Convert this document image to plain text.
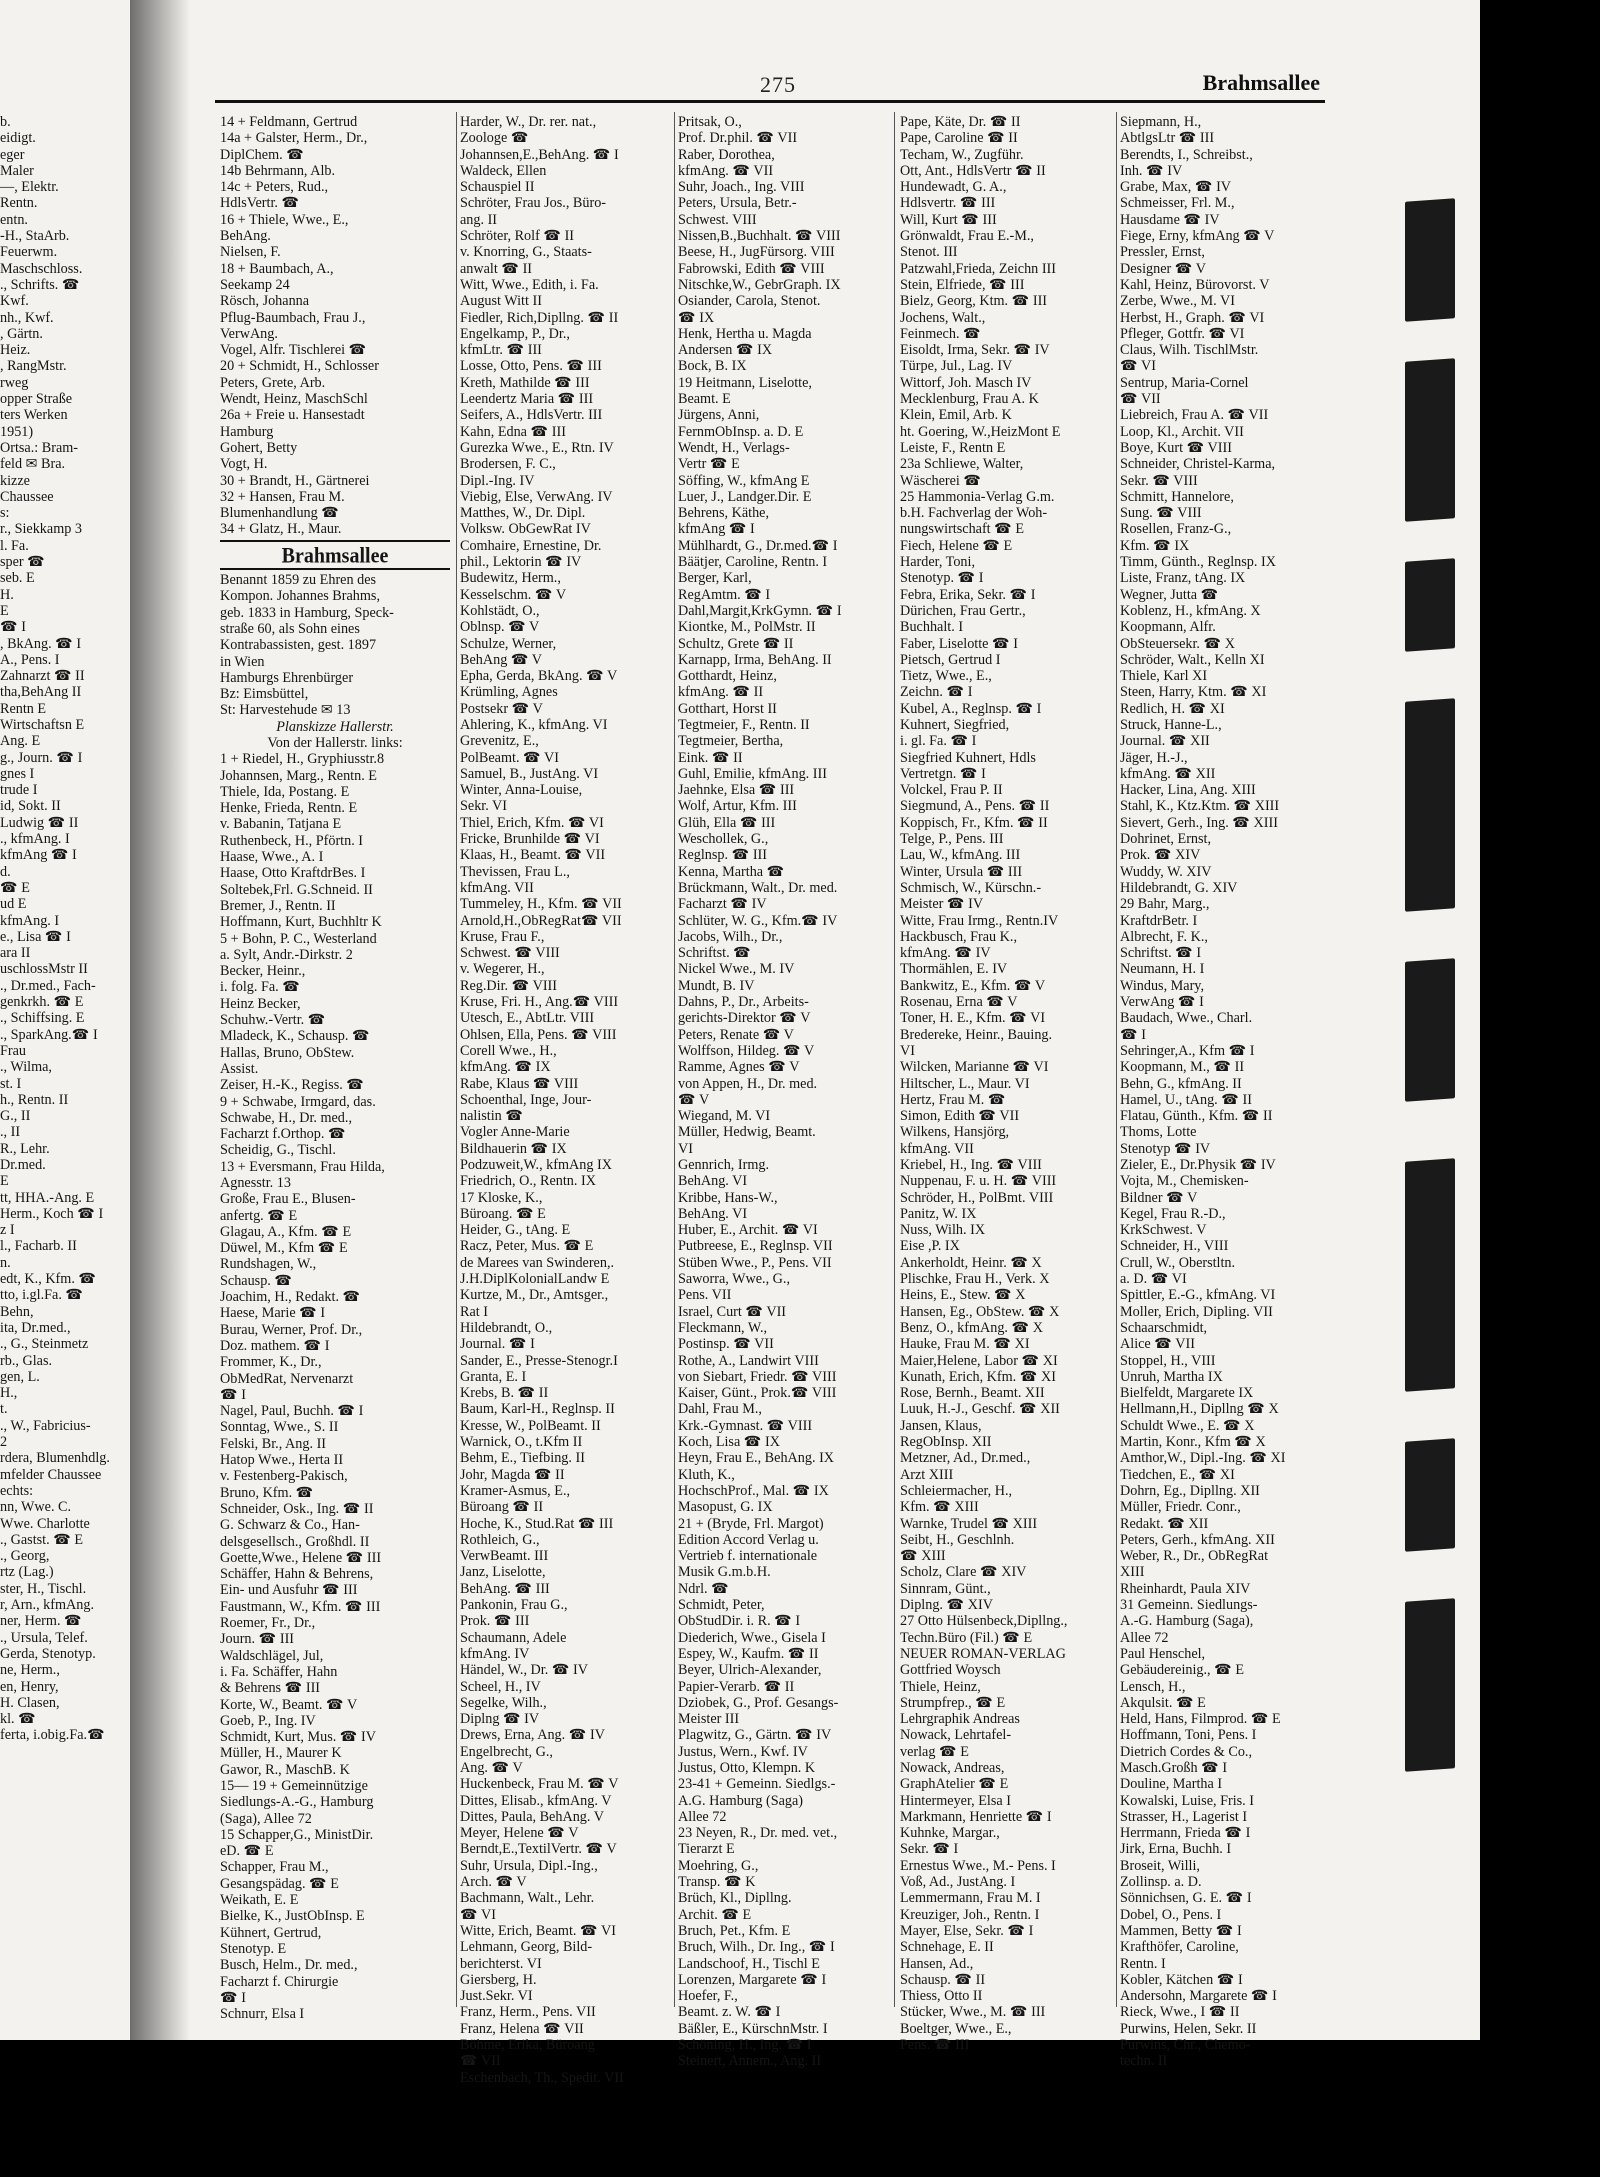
275	Brahmsallee
b.
eidigt.
eger
Maler
—, Elektr.
Rentn.
entn.
-H., StaArb.
Feuerwm.
Maschschloss.
., Schrifts. ☎
Kwf.
nh., Kwf.
, Gärtn.
Heiz.
, RangMstr.
rweg
opper Straße
ters Werken
1951)
Ortsa.: Bram-
feld ✉ Bra.
kizze
Chaussee
s:
r., Siekkamp 3
l. Fa.
sper ☎
seb. E
H.
E
☎ I
, BkAng. ☎ I
A., Pens. I
Zahnarzt ☎ II
tha,BehAng II
Rentn E
Wirtschaftsn E
Ang. E
g., Journ. ☎ I
gnes I
trude I
id, Sokt. II
Ludwig ☎ II
., kfmAng. I
kfmAng ☎ I
d.
☎ E
ud E
kfmAng. I
e., Lisa ☎ I
ara II
uschlossMstr II
., Dr.med., Fach-
genkrkh. ☎ E
., Schiffsing. E
., SparkAng.☎ I
Frau
., Wilma,
st. I
h., Rentn. II
G., II
., II
R., Lehr.
Dr.med.
E
tt, HHA.-Ang. E
Herm., Koch ☎ I
z I
l., Facharb. II
n.
edt, K., Kfm. ☎
tto, i.gl.Fa. ☎
Behn,
ita, Dr.med.,
., G., Steinmetz
rb., Glas.
gen, L.
H.,
t.
., W., Fabricius-
2
rdera, Blumenhdlg.
mfelder Chaussee
echts:
nn, Wwe. C.
Wwe. Charlotte
., Gastst. ☎ E
., Georg,
rtz (Lag.)
ster, H., Tischl.
r, Arn., kfmAng.
ner, Herm. ☎
., Ursula, Telef.
Gerda, Stenotyp.
ne, Herm.,
en, Henry,
H. Clasen,
kl. ☎
ferta, i.obig.Fa.☎
14 + Feldmann, Gertrud
14a + Galster, Herm., Dr.,
DiplChem. ☎
14b Behrmann, Alb.
14c + Peters, Rud.,
HdlsVertr. ☎
16 + Thiele, Wwe., E.,
BehAng.
Nielsen, F.
18 + Baumbach, A.,
Seekamp 24
Rösch, Johanna
Pflug-Baumbach, Frau J.,
VerwAng.
Vogel, Alfr. Tischlerei ☎
20 + Schmidt, H., Schlosser
Peters, Grete, Arb.
Wendt, Heinz, MaschSchl
26a + Freie u. Hansestadt
Hamburg
Gohert, Betty
Vogt, H.
30 + Brandt, H., Gärtnerei
32 + Hansen, Frau M.
Blumenhandlung ☎
34 + Glatz, H., Maur.
Brahmsallee
Benannt 1859 zu Ehren des
Kompon. Johannes Brahms,
geb. 1833 in Hamburg, Speck-
straße 60, als Sohn eines
Kontrabassisten, gest. 1897
in Wien
Hamburgs Ehrenbürger
Bz: Eimsbüttel,
St: Harvestehude ✉ 13
Planskizze Hallerstr.
Von der Hallerstr. links:
1 + Riedel, H., Gryphiusstr.8
Johannsen, Marg., Rentn. E
Thiele, Ida, Postang. E
Henke, Frieda, Rentn. E
v. Babanin, Tatjana E
Ruthenbeck, H., Pförtn. I
Haase, Wwe., A. I
Haase, Otto KraftdrBes. I
Soltebek,Frl. G.Schneid. II
Bremer, J., Rentn. II
Hoffmann, Kurt, Buchhltr K
5 + Bohn, P. C., Westerland
a. Sylt, Andr.-Dirkstr. 2
Becker, Heinr.,
i. folg. Fa. ☎
Heinz Becker,
Schuhw.-Vertr. ☎
Mladeck, K., Schausp. ☎
Hallas, Bruno, ObStew.
Assist.
Zeiser, H.-K., Regiss. ☎
9 + Schwabe, Irmgard, das.
Schwabe, H., Dr. med.,
Facharzt f.Orthop. ☎
Scheidig, G., Tischl.
13 + Eversmann, Frau Hilda,
Agnesstr. 13
Große, Frau E., Blusen-
anfertg. ☎ E
Glagau, A., Kfm. ☎ E
Düwel, M., Kfm ☎ E
Rundshagen, W.,
Schausp. ☎
Joachim, H., Redakt. ☎
Haese, Marie ☎ I
Burau, Werner, Prof. Dr.,
Doz. mathem. ☎ I
Frommer, K., Dr.,
ObMedRat, Nervenarzt
☎ I
Nagel, Paul, Buchh. ☎ I
Sonntag, Wwe., S. II
Felski, Br., Ang. II
Hatop Wwe., Herta II
v. Festenberg-Pakisch,
Bruno, Kfm. ☎
Schneider, Osk., Ing. ☎ II
G. Schwarz & Co., Han-
delsgesellsch., Großhdl. II
Goette,Wwe., Helene ☎ III
Schäffer, Hahn & Behrens,
Ein- und Ausfuhr ☎ III
Faustmann, W., Kfm. ☎ III
Roemer, Fr., Dr.,
Journ. ☎ III
Waldschlägel, Jul,
i. Fa. Schäffer, Hahn
& Behrens ☎ III
Korte, W., Beamt. ☎ V
Goeb, P., Ing. IV
Schmidt, Kurt, Mus. ☎ IV
Müller, H., Maurer K
Gawor, R., MaschB. K
15— 19 + Gemeinnützige
Siedlungs-A.-G., Hamburg
(Saga), Allee 72
15 Schapper,G., MinistDir.
eD. ☎ E
Schapper, Frau M.,
Gesangspädag. ☎ E
Weikath, E. E
Bielke, K., JustObInsp. E
Kühnert, Gertrud,
Stenotyp. E
Busch, Helm., Dr. med.,
Facharzt f. Chirurgie
☎ I
Schnurr, Elsa I
Harder, W., Dr. rer. nat.,
Zoologe ☎
Johannsen,E.,BehAng. ☎ I
Waldeck, Ellen
Schauspiel II
Schröter, Frau Jos., Büro-
ang. II
Schröter, Rolf ☎ II
v. Knorring, G., Staats-
anwalt ☎ II
Witt, Wwe., Edith, i. Fa.
August Witt II
Fiedler, Rich,Dipllng. ☎ II
Engelkamp, P., Dr.,
kfmLtr. ☎ III
Losse, Otto, Pens. ☎ III
Kreth, Mathilde ☎ III
Leendertz Maria ☎ III
Seifers, A., HdlsVertr. III
Kahn, Edna ☎ III
Gurezka Wwe., E., Rtn. IV
Brodersen, F. C.,
Dipl.-Ing. IV
Viebig, Else, VerwAng. IV
Matthes, W., Dr. Dipl.
Volksw. ObGewRat IV
Comhaire, Ernestine, Dr.
phil., Lektorin ☎ IV
Budewitz, Herm.,
Kesselschm. ☎ V
Kohlstädt, O.,
Oblnsp. ☎ V
Schulze, Werner,
BehAng ☎ V
Epha, Gerda, BkAng. ☎ V
Krümling, Agnes
Postsekr ☎ V
Ahlering, K., kfmAng. VI
Grevenitz, E.,
PolBeamt. ☎ VI
Samuel, B., JustAng. VI
Winter, Anna-Louise,
Sekr. VI
Thiel, Erich, Kfm. ☎ VI
Fricke, Brunhilde ☎ VI
Klaas, H., Beamt. ☎ VII
Thevissen, Frau L.,
kfmAng. VII
Tummeley, H., Kfm. ☎ VII
Arnold,H.,ObRegRat☎ VII
Kruse, Frau F.,
Schwest. ☎ VIII
v. Wegerer, H.,
Reg.Dir. ☎ VIII
Kruse, Fri. H., Ang.☎ VIII
Utesch, E., AbtLtr. VIII
Ohlsen, Ella, Pens. ☎ VIII
Corell Wwe., H.,
kfmAng. ☎ IX
Rabe, Klaus ☎ VIII
Schoenthal, Inge, Jour-
nalistin ☎
Vogler Anne-Marie
Bildhauerin ☎ IX
Podzuweit,W., kfmAng IX
Friedrich, O., Rentn. IX
17 Kloske, K.,
Büroang. ☎ E
Heider, G., tAng. E
Racz, Peter, Mus. ☎ E
de Marees van Swinderen,.
J.H.DiplKolonialLandw E
Kurtze, M., Dr., Amtsger.,
Rat I
Hildebrandt, O.,
Journal. ☎ I
Sander, E., Presse-Stenogr.I
Granta, E. I
Krebs, B. ☎ II
Baum, Karl-H., Reglnsp. II
Kresse, W., PolBeamt. II
Warnick, O., t.Kfm II
Behm, E., Tiefbing. II
Johr, Magda ☎ II
Kramer-Asmus, E.,
Büroang ☎ II
Hoche, K., Stud.Rat ☎ III
Rothleich, G.,
VerwBeamt. III
Janz, Liselotte,
BehAng. ☎ III
Pankonin, Frau G.,
Prok. ☎ III
Schaumann, Adele
kfmAng. IV
Händel, W., Dr. ☎ IV
Scheel, H., IV
Segelke, Wilh.,
Diplng ☎ IV
Drews, Erna, Ang. ☎ IV
Engelbrecht, G.,
Ang. ☎ V
Huckenbeck, Frau M. ☎ V
Dittes, Elisab., kfmAng. V
Dittes, Paula, BehAng. V
Meyer, Helene ☎ V
Berndt,E.,TextilVertr. ☎ V
Suhr, Ursula, Dipl.-Ing.,
Arch. ☎ V
Bachmann, Walt., Lehr.
☎ VI
Witte, Erich, Beamt. ☎ VI
Lehmann, Georg, Bild-
berichterst. VI
Giersberg, H.
Just.Sekr. VI
Franz, Herm., Pens. VII
Franz, Helena ☎ VII
Böhme, Erika, Büroang
☎ VII
Eschenbach, Th., Spedit. VII
Pritsak, O.,
Prof. Dr.phil. ☎ VII
Raber, Dorothea,
kfmAng. ☎ VII
Suhr, Joach., Ing. VIII
Peters, Ursula, Betr.-
Schwest. VIII
Nissen,B.,Buchhalt. ☎ VIII
Beese, H., JugFürsorg. VIII
Fabrowski, Edith ☎ VIII
Nitschke,W., GebrGraph. IX
Osiander, Carola, Stenot.
☎ IX
Henk, Hertha u. Magda
Andersen ☎ IX
Bock, B. IX
19 Heitmann, Liselotte,
Beamt. E
Jürgens, Anni,
FernmObInsp. a. D. E
Wendt, H., Verlags-
Vertr ☎ E
Söffing, W., kfmAng E
Luer, J., Landger.Dir. E
Behrens, Käthe,
kfmAng ☎ I
Mühlhardt, G., Dr.med.☎ I
Bäätjer, Caroline, Rentn. I
Berger, Karl,
RegAmtm. ☎ I
Dahl,Margit,KrkGymn. ☎ I
Kiontke, M., PolMstr. II
Schultz, Grete ☎ II
Karnapp, Irma, BehAng. II
Gotthardt, Heinz,
kfmAng. ☎ II
Gotthart, Horst II
Tegtmeier, F., Rentn. II
Tegtmeier, Bertha,
Eink. ☎ II
Guhl, Emilie, kfmAng. III
Jaehnke, Elsa ☎ III
Wolf, Artur, Kfm. III
Glüh, Ella ☎ III
Weschollek, G.,
Reglnsp. ☎ III
Kenna, Martha ☎
Brückmann, Walt., Dr. med.
Facharzt ☎ IV
Schlüter, W. G., Kfm.☎ IV
Jacobs, Wilh., Dr.,
Schriftst. ☎
Nickel Wwe., M. IV
Mundt, B. IV
Dahns, P., Dr., Arbeits-
gerichts-Direktor ☎ V
Peters, Renate ☎ V
Wolffson, Hildeg. ☎ V
Ramme, Agnes ☎ V
von Appen, H., Dr. med.
☎ V
Wiegand, M. VI
Müller, Hedwig, Beamt.
VI
Gennrich, Irmg.
BehAng. VI
Kribbe, Hans-W.,
BehAng. VI
Huber, E., Archit. ☎ VI
Putbreese, E., Reglnsp. VII
Stüben Wwe., P., Pens. VII
Saworra, Wwe., G.,
Pens. VII
Israel, Curt ☎ VII
Fleckmann, W.,
Postinsp. ☎ VII
Rothe, A., Landwirt VIII
von Siebart, Friedr. ☎ VIII
Kaiser, Günt., Prok.☎ VIII
Dahl, Frau M.,
Krk.-Gymnast. ☎ VIII
Koch, Lisa ☎ IX
Heyn, Frau E., BehAng. IX
Kluth, K.,
HochschProf., Mal. ☎ IX
Masopust, G. IX
21 + (Bryde, Frl. Margot)
Edition Accord Verlag u.
Vertrieb f. internationale
Musik G.m.b.H.
Ndrl. ☎
Schmidt, Peter,
ObStudDir. i. R. ☎ I
Diederich, Wwe., Gisela I
Espey, W., Kaufm. ☎ II
Beyer, Ulrich-Alexander,
Papier-Verarb. ☎ II
Dziobek, G., Prof. Gesangs-
Meister III
Plagwitz, G., Gärtn. ☎ IV
Justus, Wern., Kwf. IV
Justus, Otto, Klempn. K
23-41 + Gemeinn. Siedlgs.-
A.G. Hamburg (Saga)
Allee 72
23 Neyen, R., Dr. med. vet.,
Tierarzt E
Moehring, G.,
Transp. ☎ K
Brüch, Kl., Dipllng.
Archit. ☎ E
Bruch, Pet., Kfm. E
Bruch, Wilh., Dr. Ing., ☎ I
Landschoof, H., Tischl E
Lorenzen, Margarete ☎ I
Hoefer, F.,
Beamt. z. W. ☎ I
Bäßler, E., KürschnMstr. I
Schöning, H., Ing. ☎ I
Steinert, Annem., Ang. II
Pape, Käte, Dr. ☎ II
Pape, Caroline ☎ II
Techam, W., Zugführ.
Ott, Ant., HdlsVertr ☎ II
Hundewadt, G. A.,
Hdlsvertr. ☎ III
Will, Kurt ☎ III
Grönwaldt, Frau E.-M.,
Stenot. III
Patzwahl,Frieda, Zeichn III
Stein, Elfriede, ☎ III
Bielz, Georg, Ktm. ☎ III
Jochens, Walt.,
Feinmech. ☎
Eisoldt, Irma, Sekr. ☎ IV
Türpe, Jul., Lag. IV
Wittorf, Joh. Masch IV
Mecklenburg, Frau A. K
Klein, Emil, Arb. K
ht. Goering, W.,HeizMont E
Leiste, F., Rentn E
23a Schliewe, Walter,
Wäscherei ☎
25 Hammonia-Verlag G.m.
b.H. Fachverlag der Woh-
nungswirtschaft ☎ E
Fiech, Helene ☎ E
Harder, Toni,
Stenotyp. ☎ I
Febra, Erika, Sekr. ☎ I
Dürichen, Frau Gertr.,
Buchhalt. I
Faber, Liselotte ☎ I
Pietsch, Gertrud I
Tietz, Wwe., E.,
Zeichn. ☎ I
Kubel, A., Reglnsp. ☎ I
Kuhnert, Siegfried,
i. gl. Fa. ☎ I
Siegfried Kuhnert, Hdls
Vertretgn. ☎ I
Volckel, Frau P. II
Siegmund, A., Pens. ☎ II
Koppisch, Fr., Kfm. ☎ II
Telge, P., Pens. III
Lau, W., kfmAng. III
Winter, Ursula ☎ III
Schmisch, W., Kürschn.-
Meister ☎ IV
Witte, Frau Irmg., Rentn.IV
Hackbusch, Frau K.,
kfmAng. ☎ IV
Thormählen, E. IV
Bankwitz, E., Kfm. ☎ V
Rosenau, Erna ☎ V
Toner, H. E., Kfm. ☎ VI
Bredereke, Heinr., Bauing.
VI
Wilcken, Marianne ☎ VI
Hiltscher, L., Maur. VI
Hertz, Frau M. ☎
Simon, Edith ☎ VII
Wilkens, Hansjörg,
kfmAng. VII
Kriebel, H., Ing. ☎ VIII
Nuppenau, F. u. H. ☎ VIII
Schröder, H., PolBmt. VIII
Panitz, W. IX
Nuss, Wilh. IX
Eise ,P. IX
Ankerholdt, Heinr. ☎ X
Plischke, Frau H., Verk. X
Heins, E., Stew. ☎ X
Hansen, Eg., ObStew. ☎ X
Benz, O., kfmAng. ☎ X
Hauke, Frau M. ☎ XI
Maier,Helene, Labor ☎ XI
Kunath, Erich, Kfm. ☎ XI
Rose, Bernh., Beamt. XII
Luuk, H.-J., Geschf. ☎ XII
Jansen, Klaus,
RegObInsp. XII
Metzner, Ad., Dr.med.,
Arzt XIII
Schleiermacher, H.,
Kfm. ☎ XIII
Warnke, Trudel ☎ XIII
Seibt, H., Geschlnh.
☎ XIII
Scholz, Clare ☎ XIV
Sinnram, Günt.,
Diplng. ☎ XIV
27 Otto Hülsenbeck,Dipllng.,
Techn.Büro (Fil.) ☎ E
NEUER ROMAN-VERLAG
Gottfried Woysch
Thiele, Heinz,
Strumpfrep., ☎ E
Lehrgraphik Andreas
Nowack, Lehrtafel-
verlag ☎ E
Nowack, Andreas,
GraphAtelier ☎ E
Hintermeyer, Elsa I
Markmann, Henriette ☎ I
Kuhnke, Margar.,
Sekr. ☎ I
Ernestus Wwe., M.- Pens. I
Voß, Ad., JustAng. I
Lemmermann, Frau M. I
Kreuziger, Joh., Rentn. I
Mayer, Else, Sekr. ☎ I
Schnehage, E. II
Hansen, Ad.,
Schausp. ☎ II
Thiess, Otto II
Stücker, Wwe., M. ☎ III
Boeltger, Wwe., E.,
Pens. ☎ III
Siepmann, H.,
AbtlgsLtr ☎ III
Berendts, I., Schreibst.,
Inh. ☎ IV
Grabe, Max, ☎ IV
Schmeisser, Frl. M.,
Hausdame ☎ IV
Fiege, Erny, kfmAng ☎ V
Pressler, Ernst,
Designer ☎ V
Kahl, Heinz, Bürovorst. V
Zerbe, Wwe., M. VI
Herbst, H., Graph. ☎ VI
Pfleger, Gottfr. ☎ VI
Claus, Wilh. TischlMstr.
☎ VI
Sentrup, Maria-Cornel
☎ VII
Liebreich, Frau A. ☎ VII
Loop, Kl., Archit. VII
Boye, Kurt ☎ VIII
Schneider, Christel-Karma,
Sekr. ☎ VIII
Schmitt, Hannelore,
Sung. ☎ VIII
Rosellen, Franz-G.,
Kfm. ☎ IX
Timm, Günth., Reglnsp. IX
Liste, Franz, tAng. IX
Wegner, Jutta ☎
Koblenz, H., kfmAng. X
Koopmann, Alfr.
ObSteuersekr. ☎ X
Schröder, Walt., Kelln XI
Thiele, Karl XI
Steen, Harry, Ktm. ☎ XI
Redlich, H. ☎ XI
Struck, Hanne-L.,
Journal. ☎ XII
Jäger, H.-J.,
kfmAng. ☎ XII
Hacker, Lina, Ang. XIII
Stahl, K., Ktz.Ktm. ☎ XIII
Sievert, Gerh., Ing. ☎ XIII
Dohrinet, Ernst,
Prok. ☎ XIV
Wuddy, W. XIV
Hildebrandt, G. XIV
29 Bahr, Marg.,
KraftdrBetr. I
Albrecht, F. K.,
Schriftst. ☎ I
Neumann, H. I
Windus, Mary,
VerwAng ☎ I
Baudach, Wwe., Charl.
☎ I
Sehringer,A., Kfm ☎ I
Koopmann, M., ☎ II
Behn, G., kfmAng. II
Hamel, U., tAng. ☎ II
Flatau, Günth., Kfm. ☎ II
Thoms, Lotte
Stenotyp ☎ IV
Zieler, E., Dr.Physik ☎ IV
Vojta, M., Chemisken-
Bildner ☎ V
Kegel, Frau R.-D.,
KrkSchwest. V
Schneider, H., VIII
Crull, W., Oberstltn.
a. D. ☎ VI
Spittler, E.-G., kfmAng. VI
Moller, Erich, Dipling. VII
Schaarschmidt,
Alice ☎ VII
Stoppel, H., VIII
Unruh, Martha IX
Bielfeldt, Margarete IX
Hellmann,H., Dipllng ☎ X
Schuldt Wwe., E. ☎ X
Martin, Konr., Kfm ☎ X
Amthor,W., Dipl.-Ing. ☎ XI
Tiedchen, E., ☎ XI
Dohrn, Eg., Dipllng. XII
Müller, Friedr. Conr.,
Redakt. ☎ XII
Peters, Gerh., kfmAng. XII
Weber, R., Dr., ObRegRat
XIII
Rheinhardt, Paula XIV
31 Gemeinn. Siedlungs-
A.-G. Hamburg (Saga),
Allee 72
Paul Henschel,
Gebäudereinig., ☎ E
Lensch, H.,
Akqulsit. ☎ E
Held, Hans, Filmprod. ☎ E
Hoffmann, Toni, Pens. I
Dietrich Cordes & Co.,
Masch.Großh ☎ I
Douline, Martha I
Kowalski, Luise, Fris. I
Strasser, H., Lagerist I
Herrmann, Frieda ☎ I
Jirk, Erna, Buchh. I
Broseit, Willi,
Zollinsp. a. D.
Sönnichsen, G. E. ☎ I
Dobel, O., Pens. I
Mammen, Betty ☎ I
Krafthöfer, Caroline,
Rentn. I
Kobler, Kätchen ☎ I
Andersohn, Margarete ☎ I
Rieck, Wwe., I ☎ II
Purwins, Helen, Sekr. II
Purwins, Chr., Chemo-
techn. II
